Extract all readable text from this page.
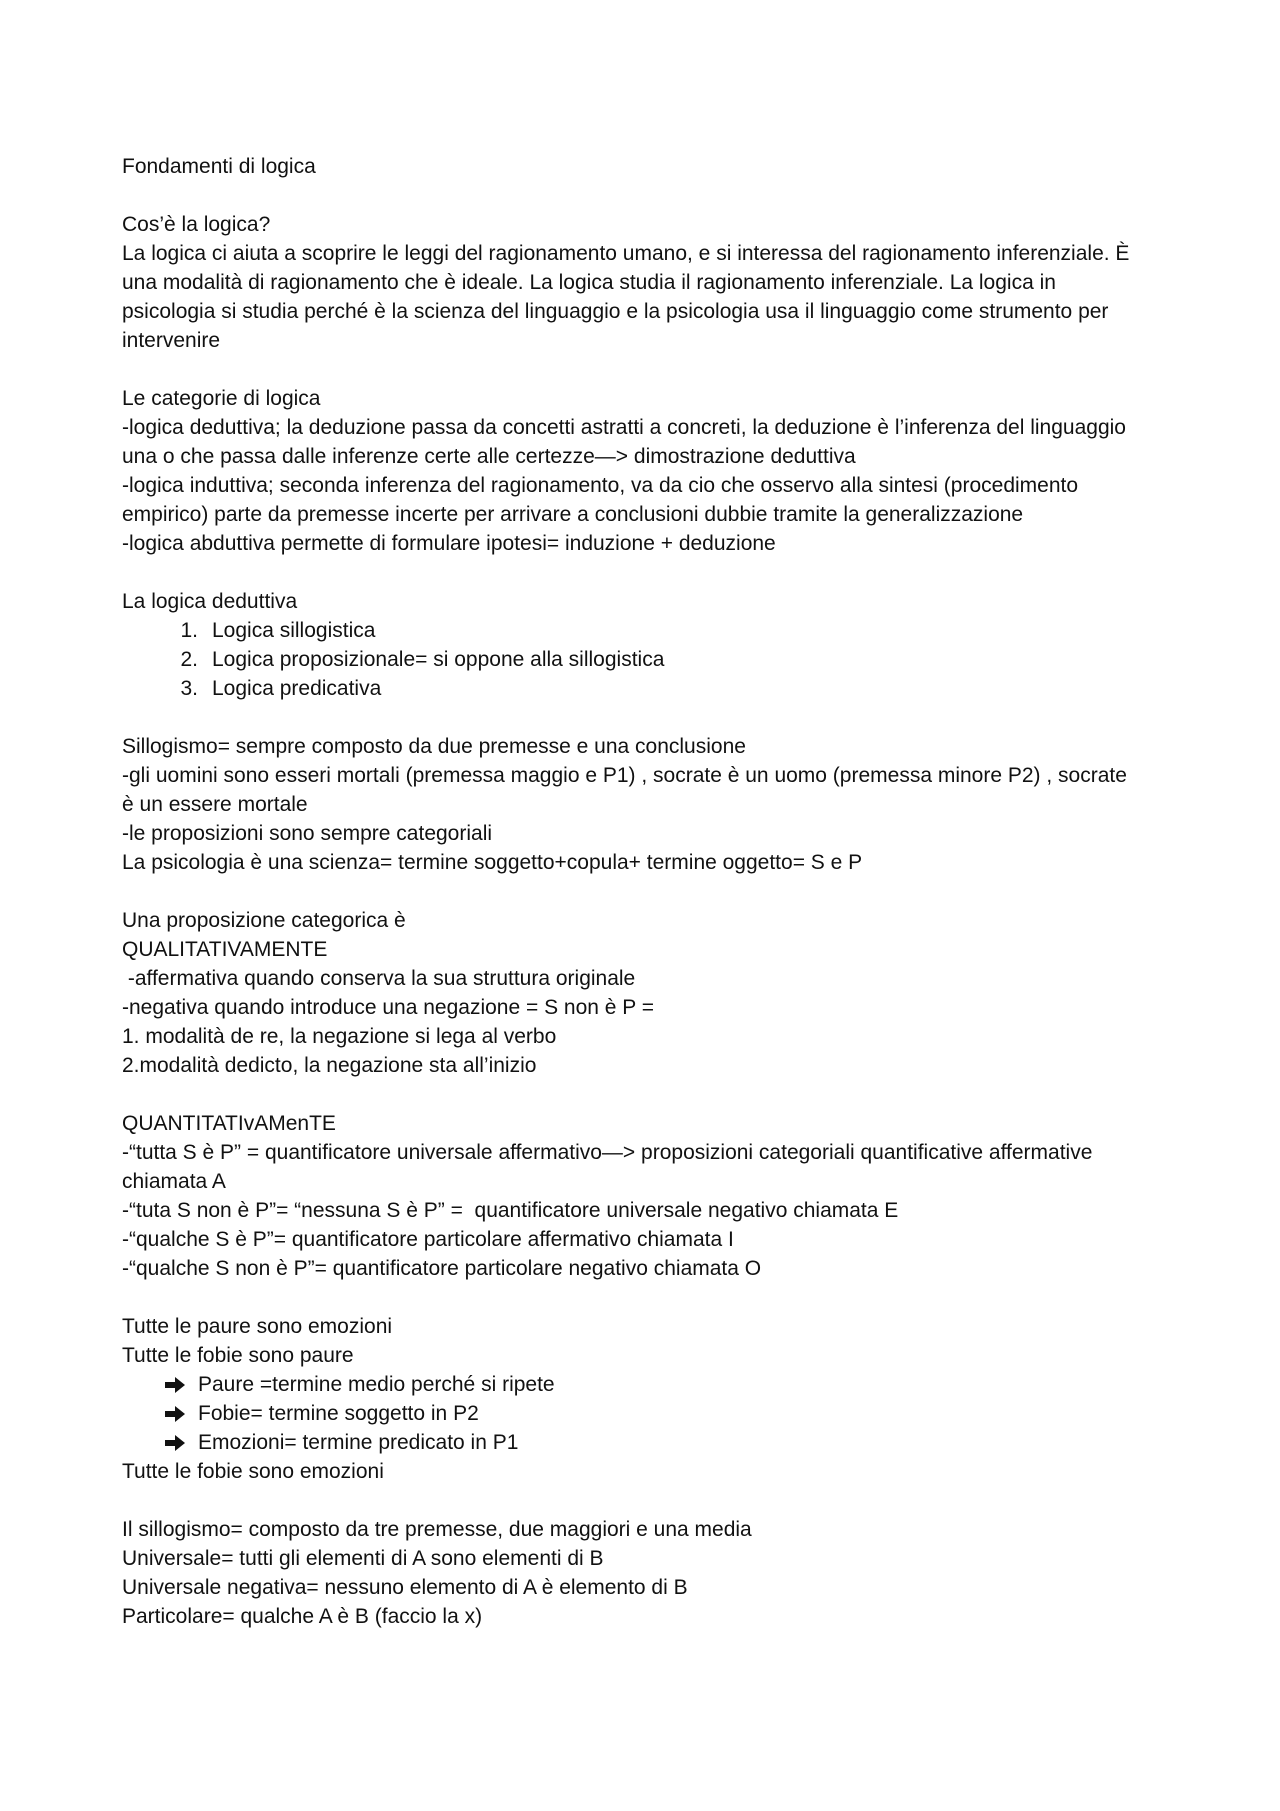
Fondamenti di logica
Cos’è la logica?
La logica ci aiuta a scoprire le leggi del ragionamento umano, e si interessa del ragionamento inferenziale. È
una modalità di ragionamento che è ideale. La logica studia il ragionamento inferenziale. La logica in
psicologia si studia perché è la scienza del linguaggio e la psicologia usa il linguaggio come strumento per
intervenire
Le categorie di logica
-logica deduttiva; la deduzione passa da concetti astratti a concreti, la deduzione è l’inferenza del linguaggio
una o che passa dalle inferenze certe alle certezze—> dimostrazione deduttiva
-logica induttiva; seconda inferenza del ragionamento, va da cio che osservo alla sintesi (procedimento
empirico) parte da premesse incerte per arrivare a conclusioni dubbie tramite la generalizzazione
-logica abduttiva permette di formulare ipotesi= induzione + deduzione
La logica deduttiva
1. Logica sillogistica
2. Logica proposizionale= si oppone alla sillogistica
3. Logica predicativa
Sillogismo= sempre composto da due premesse e una conclusione
-gli uomini sono esseri mortali (premessa maggio e P1) , socrate è un uomo (premessa minore P2) , socrate
è un essere mortale
-le proposizioni sono sempre categoriali
La psicologia è una scienza= termine soggetto+copula+ termine oggetto= S e P
Una proposizione categorica è
QUALITATIVAMENTE
-affermativa quando conserva la sua struttura originale
-negativa quando introduce una negazione = S non è P =
1. modalità de re, la negazione si lega al verbo
2.modalità dedicto, la negazione sta all’inizio
QUANTITATIvAMenTE
-“tutta S è P” = quantificatore universale affermativo—> proposizioni categoriali quantificative affermative
chiamata A
-“tuta S non è P”= “nessuna S è P” =  quantificatore universale negativo chiamata E
-“qualche S è P”= quantificatore particolare affermativo chiamata I
-“qualche S non è P”= quantificatore particolare negativo chiamata O
Tutte le paure sono emozioni
Tutte le fobie sono paure
Paure =termine medio perché si ripete
Fobie= termine soggetto in P2
Emozioni= termine predicato in P1
Tutte le fobie sono emozioni
Il sillogismo= composto da tre premesse, due maggiori e una media
Universale= tutti gli elementi di A sono elementi di B
Universale negativa= nessuno elemento di A è elemento di B
Particolare= qualche A è B (faccio la x)
